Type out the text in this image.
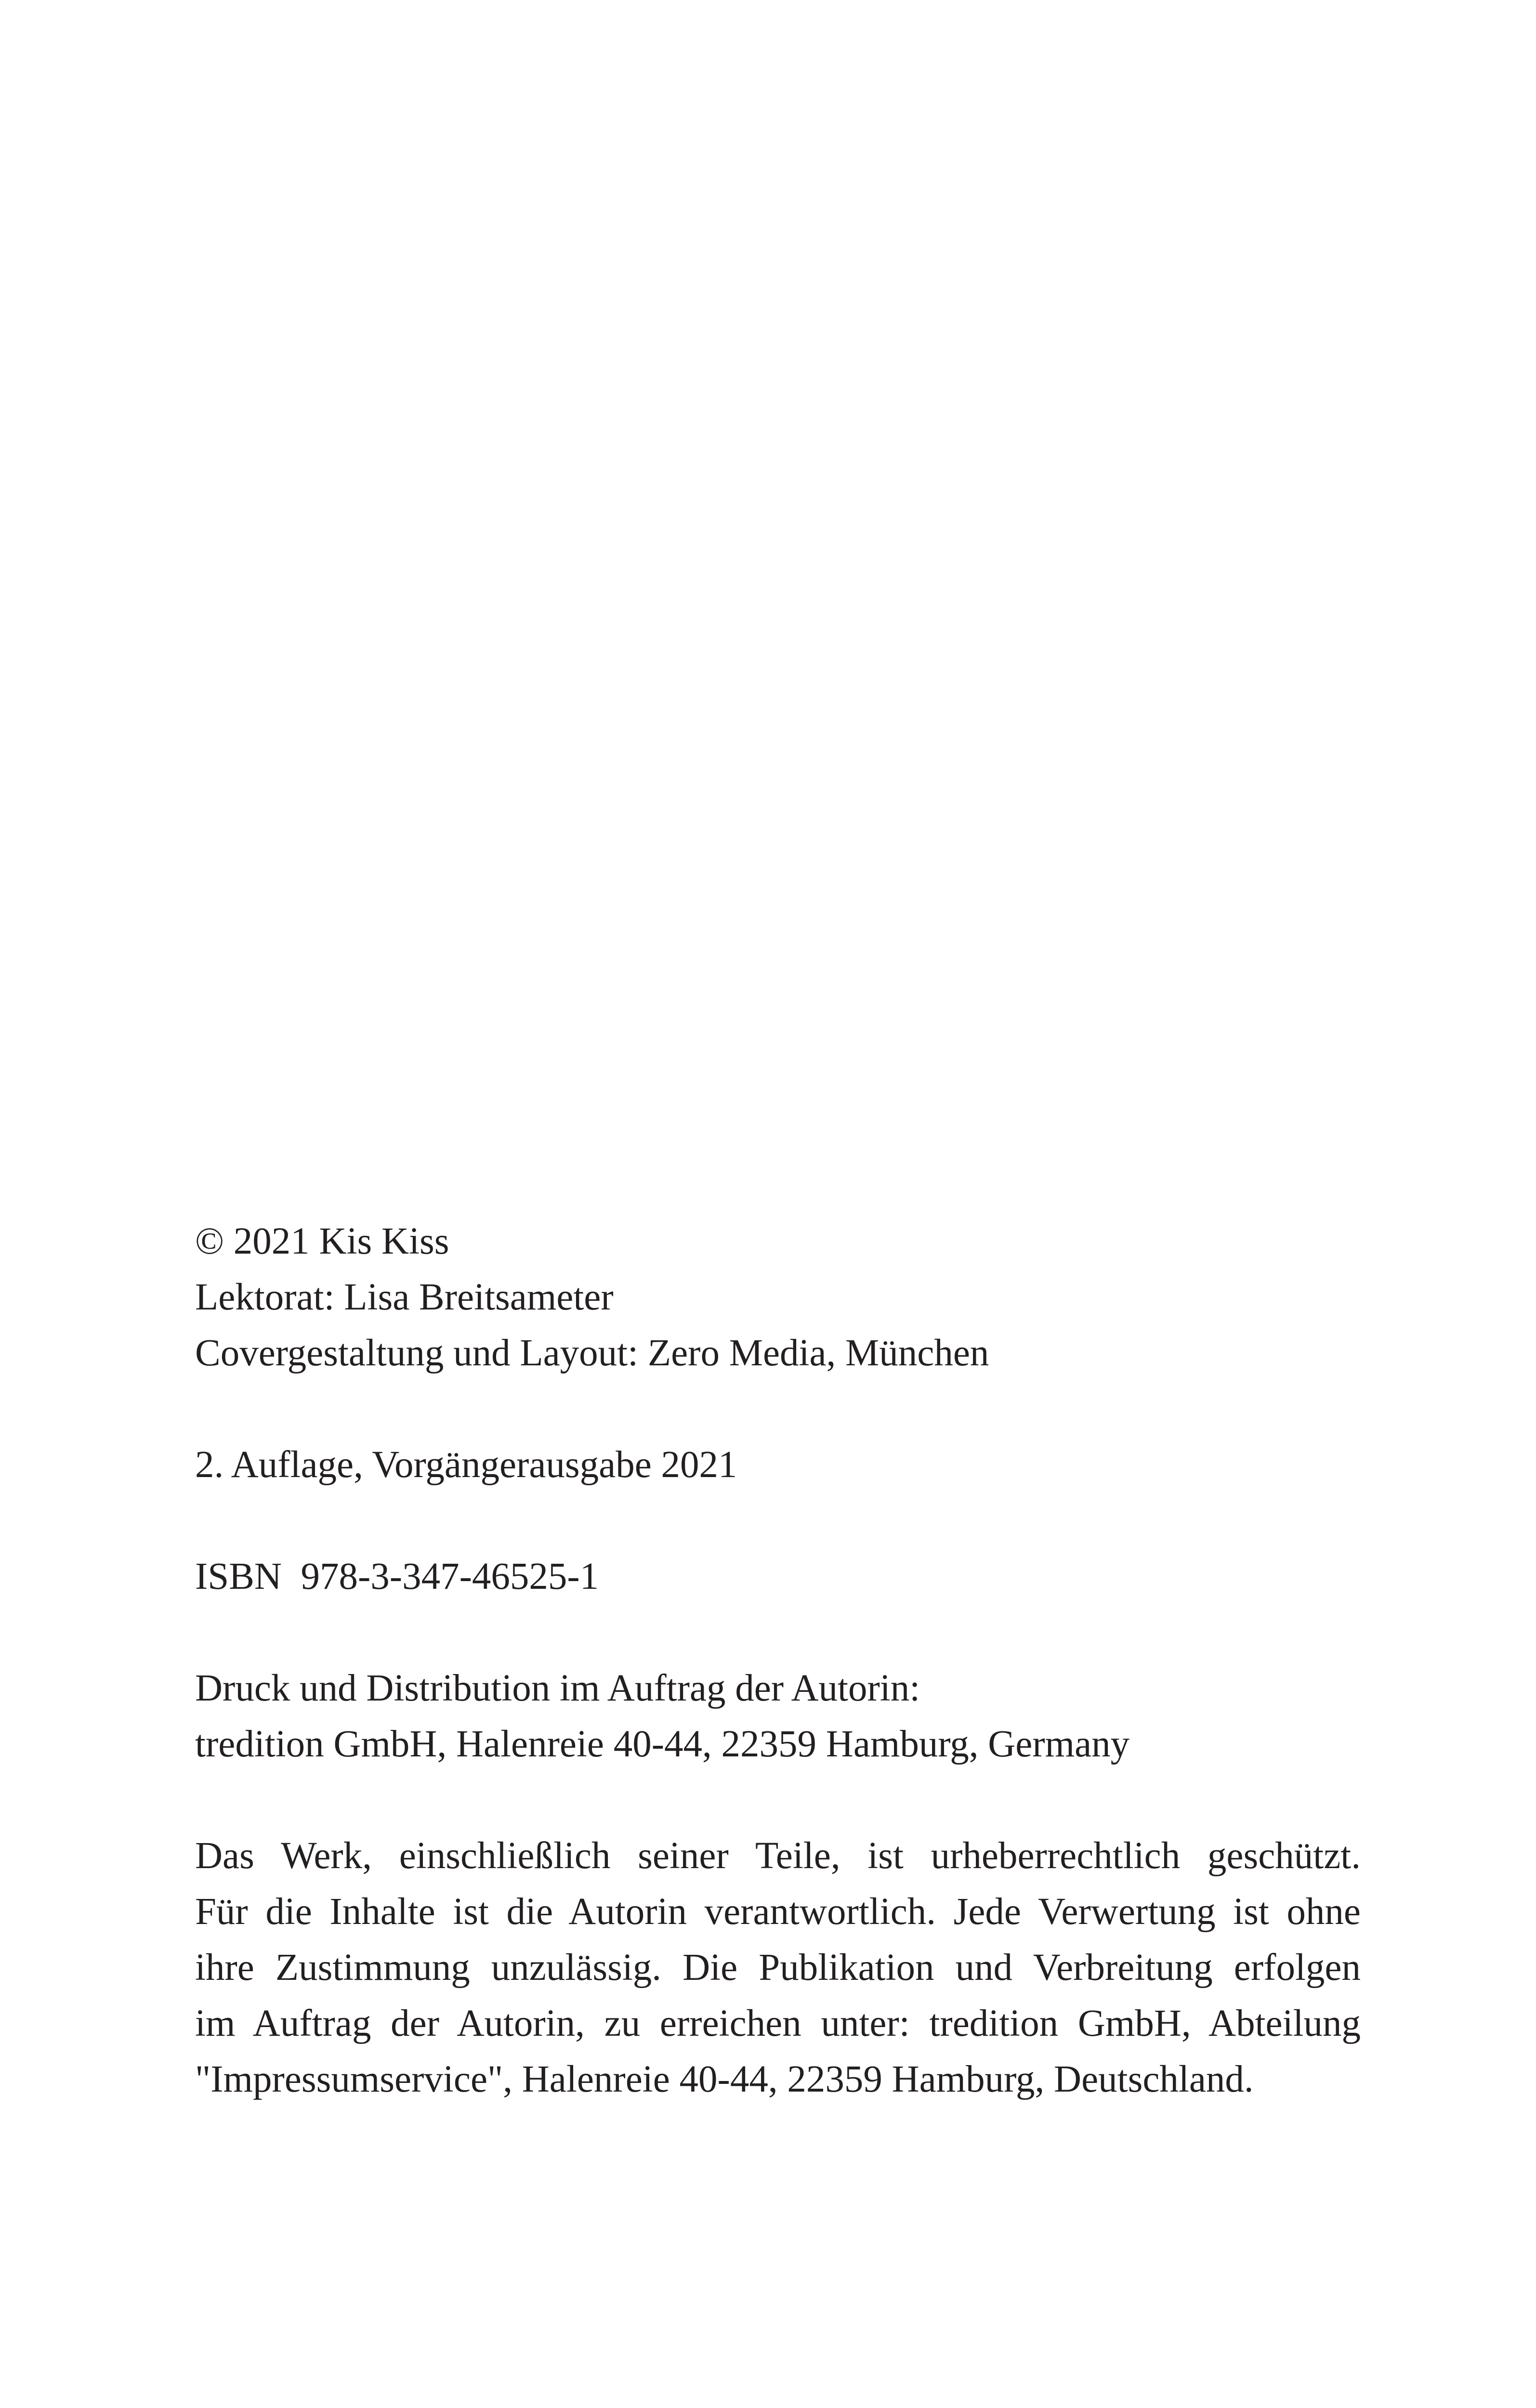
© 2021 Kis Kiss

Lektorat: Lisa Breitsameter

Covergestaltung und Layout: Zero Media, München

2. Auflage, Vorgängerausgabe 2021

ISBN  978-3-347-46525-1

Druck und Distribution im Auftrag der Autorin:

tredition GmbH, Halenreie 40-44, 22359 Hamburg, Germany

Das Werk, einschließlich seiner Teile, ist urheberrechtlich geschützt.
Für die Inhalte ist die Autorin verantwortlich. Jede Verwertung ist ohne
ihre Zustimmung unzulässig. Die Publikation und Verbreitung erfolgen
im Auftrag der Autorin, zu erreichen unter: tredition GmbH, Abteilung
"Impressumservice", Halenreie 40-44, 22359 Hamburg, Deutschland.
